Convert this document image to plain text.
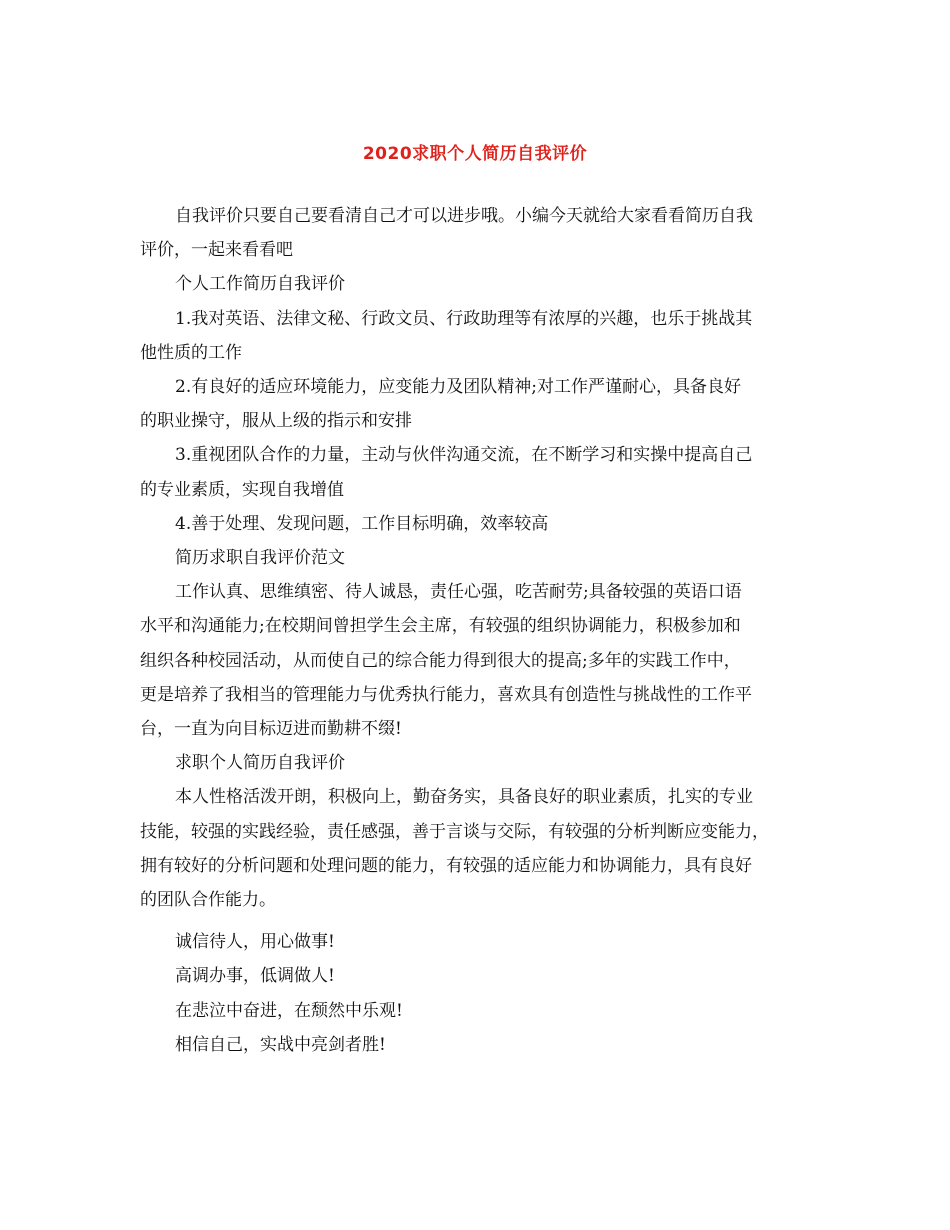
2020求职个人简历自我评价

自我评价只要自己要看清自己才可以进步哦。小编今天就给大家看看简历自我

评价，一起来看看吧

个人工作简历自我评价

1.我对英语、法律文秘、行政文员、行政助理等有浓厚的兴趣，也乐于挑战其

他性质的工作

2.有良好的适应环境能力，应变能力及团队精神;对工作严谨耐心，具备良好

的职业操守，服从上级的指示和安排

3.重视团队合作的力量，主动与伙伴沟通交流，在不断学习和实操中提高自己

的专业素质，实现自我增值

4.善于处理、发现问题，工作目标明确，效率较高

简历求职自我评价范文

工作认真、思维缜密、待人诚恳，责任心强，吃苦耐劳;具备较强的英语口语

水平和沟通能力;在校期间曾担学生会主席，有较强的组织协调能力，积极参加和

组织各种校园活动，从而使自己的综合能力得到很大的提高;多年的实践工作中，

更是培养了我相当的管理能力与优秀执行能力，喜欢具有创造性与挑战性的工作平

台，一直为向目标迈进而勤耕不缀!

求职个人简历自我评价

本人性格活泼开朗，积极向上，勤奋务实，具备良好的职业素质，扎实的专业

技能，较强的实践经验，责任感强，善于言谈与交际，有较强的分析判断应变能力，

拥有较好的分析问题和处理问题的能力，有较强的适应能力和协调能力，具有良好

的团队合作能力。

诚信待人，用心做事!

高调办事，低调做人!

在悲泣中奋进，在颓然中乐观!

相信自己，实战中亮剑者胜!
